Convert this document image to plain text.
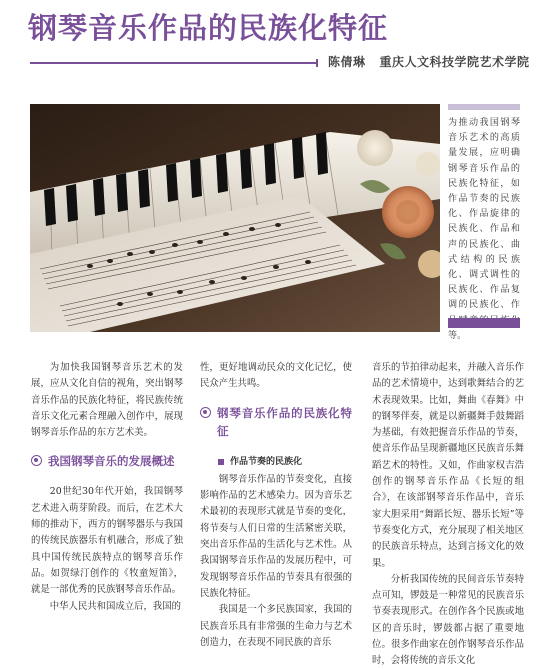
钢琴音乐作品的民族化特征
陈倩琳 重庆人文科技学院艺术学院
为推动我国钢琴音乐艺术的高质量发展，应明确钢琴音乐作品的民族化特征，如作品节奏的民族化、作品旋律的民族化、作品和声的民族化、曲式结构的民族化、调式调性的民族化、作品复调的民族化、作 等。

为加快我国钢琴音乐艺术的发展，应从文化自信的视角，突出钢琴音乐作品的民族化特征，将民族传统音乐文化元素合理融入创作中，展现钢琴音乐作品的东方艺术美。

我国钢琴音乐的发展概述

20世纪30年代开始，我国钢琴艺术进入萌芽阶段。而后，在艺术大师的推动下，西方的钢琴器乐与我国的传统民族器乐有机融合，形成了独具中国传统民族特点的钢琴音乐作品。如贺绿汀创作的《牧童短笛》，就是一部优秀的民族钢琴音乐作品。

中华人民共和国成立后，我国的

性，更好地调动民众的文化记忆，使民众产生共鸣。

钢琴音乐作品的民族化特征
作品节奏的民族化

钢琴音乐作品的节奏变化，直接影响作品的艺术感染力。因为音乐艺术最初的表现形式就是节奏的变化，将节奏与人们日常的生活紧密关联，突出音乐作品的生活化与艺术性。从我国钢琴音乐作品的发展历程中，可发现钢琴音乐作品的节奏具有很强的民族化特征。

我国是一个多民族国家，我国的民族音乐具有非常强的生命力与艺术创造力，在表现不同民族的音乐

音乐的节拍律动起来，并融入音乐作品的艺术情境中，达到歌舞结合的艺术表现效果。比如，舞曲《春舞》中的钢琴伴奏，就是以新疆舞手鼓舞蹈为基础，有效把握音乐作品的节奏，使音乐作品呈现新疆地区民族音乐舞蹈艺术的特性。又如，作曲家权吉浩创作的钢琴音乐作品《长短的组合》，在该部钢琴音乐作品中，音乐家大胆采用“舞蹈长短、器乐长短”等节奏变化方式，充分展现了相关地区的民族音乐特点，达到言扬文化的效果。

分析我国传统的民间音乐节奏特点可知，锣鼓是一种常见的民族音乐节奏表现形式。在创作各个民族或地区的音乐时，锣鼓都占据了重要地位。很多作曲家在创作钢琴音乐作品时，会将传统的音乐文化
